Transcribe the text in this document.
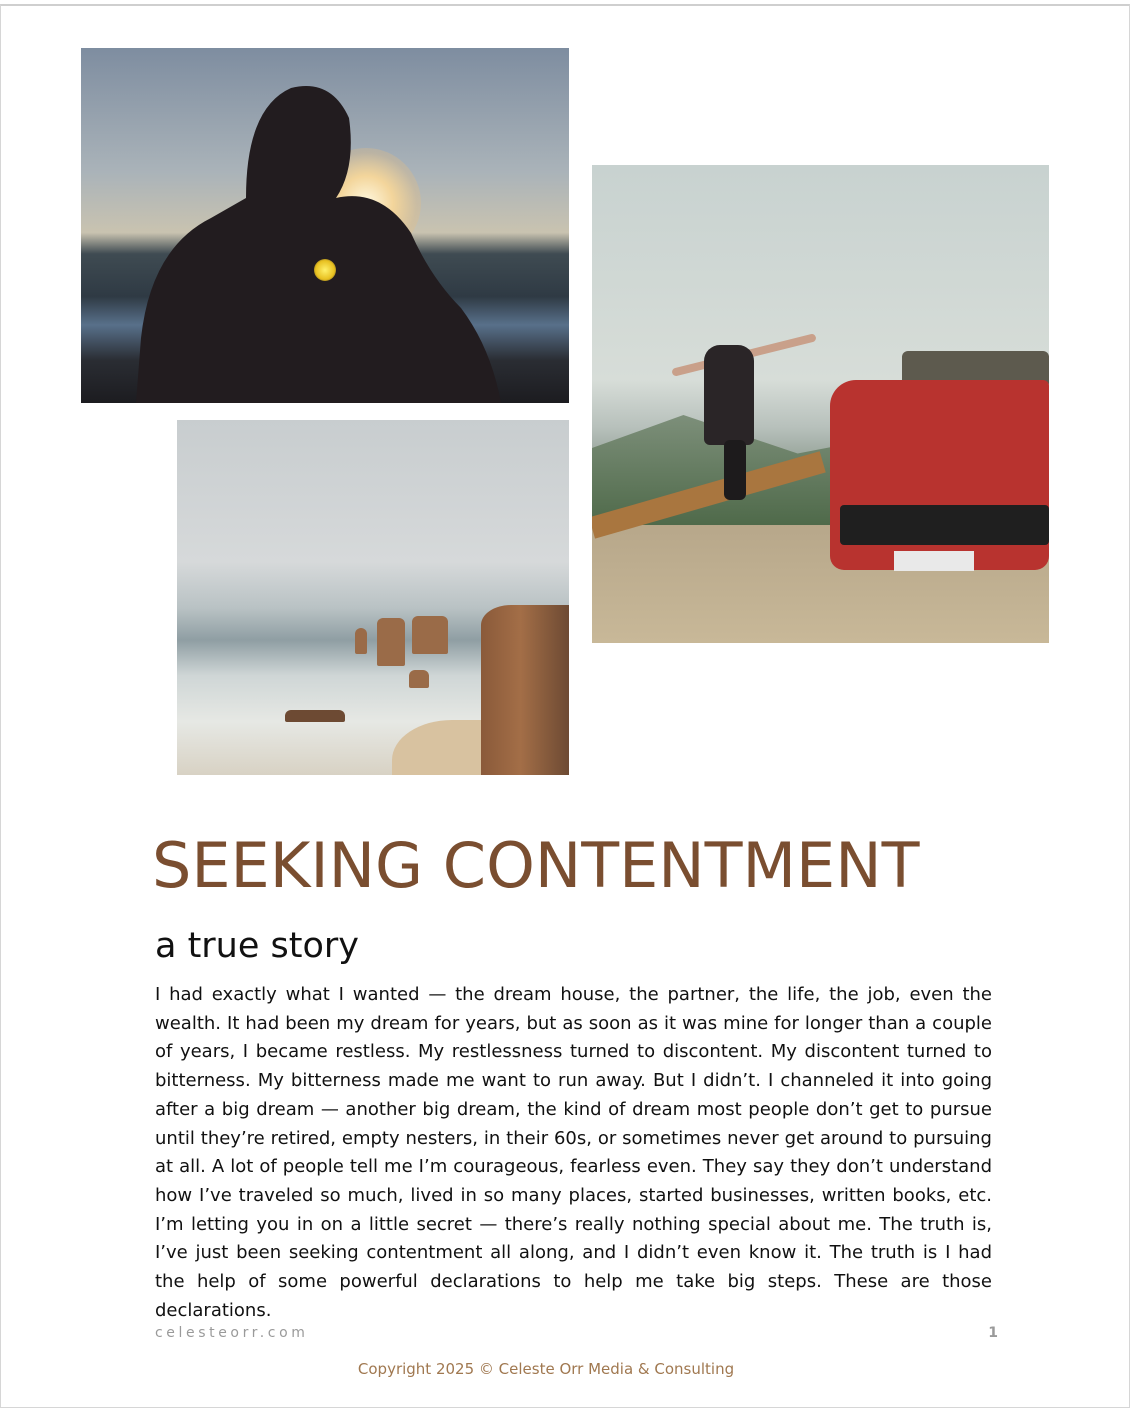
SEEKING CONTENTMENT
a true story

I had exactly what I wanted — the dream house, the partner, the life, the job, even the wealth. It had been my dream for years, but as soon as it was mine for longer than a couple of years, I became restless. My restlessness turned to discontent. My discontent turned to bitterness. My bitterness made me want to run away. But I didn’t. I channeled it into going after a big dream — another big dream, the kind of dream most people don’t get to pursue until they’re retired, empty nesters, in their 60s, or sometimes never get around to pursuing at all. A lot of people tell me I’m courageous, fearless even. They say they don’t understand how I’ve traveled so much, lived in so many places, started businesses, written books, etc. I’m letting you in on a little secret — there’s really nothing special about me. The truth is, I’ve just been seeking contentment all along, and I didn’t even know it. The truth is I had the help of some powerful declarations to help me take big steps. These are those declarations.

celesteorr.com	1
Copyright 2025 © Celeste Orr Media & Consulting
